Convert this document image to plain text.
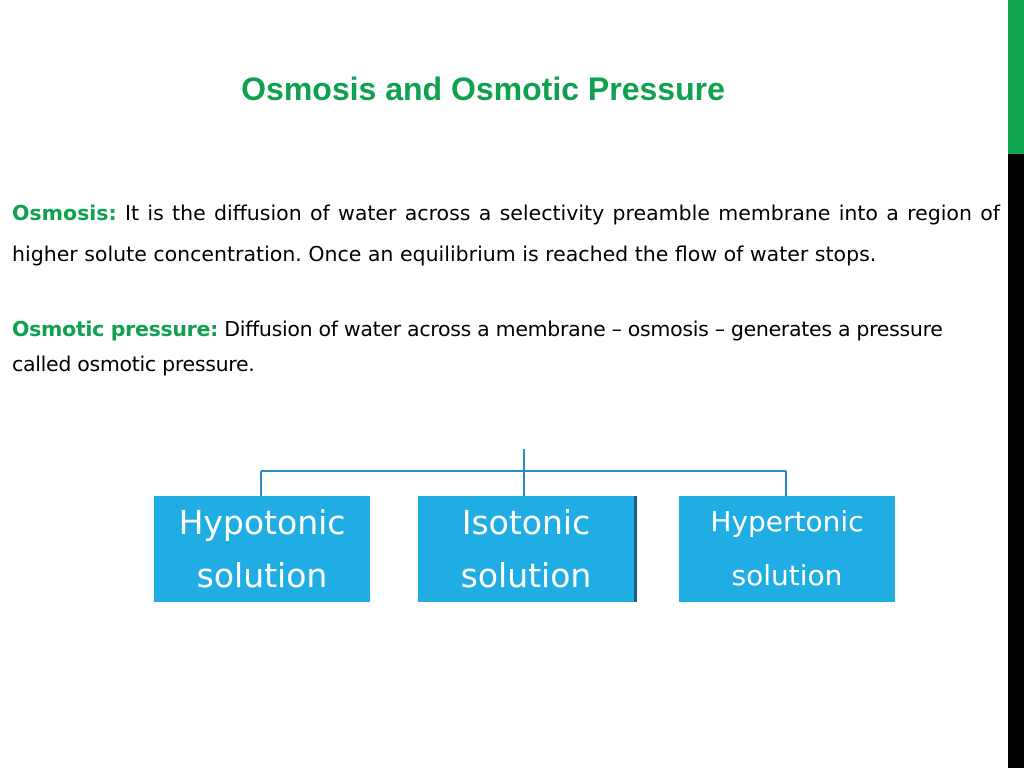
Osmosis and Osmotic Pressure
Osmosis: It is the diffusion of water across a selectivity preamble membrane into a region of higher solute concentration. Once an equilibrium is reached the flow of water stops.
Osmotic pressure: Diffusion of water across a membrane – osmosis – generates a pressure called osmotic pressure.
Hypotonic
solution
Isotonic
solution
Hypertonic
solution
